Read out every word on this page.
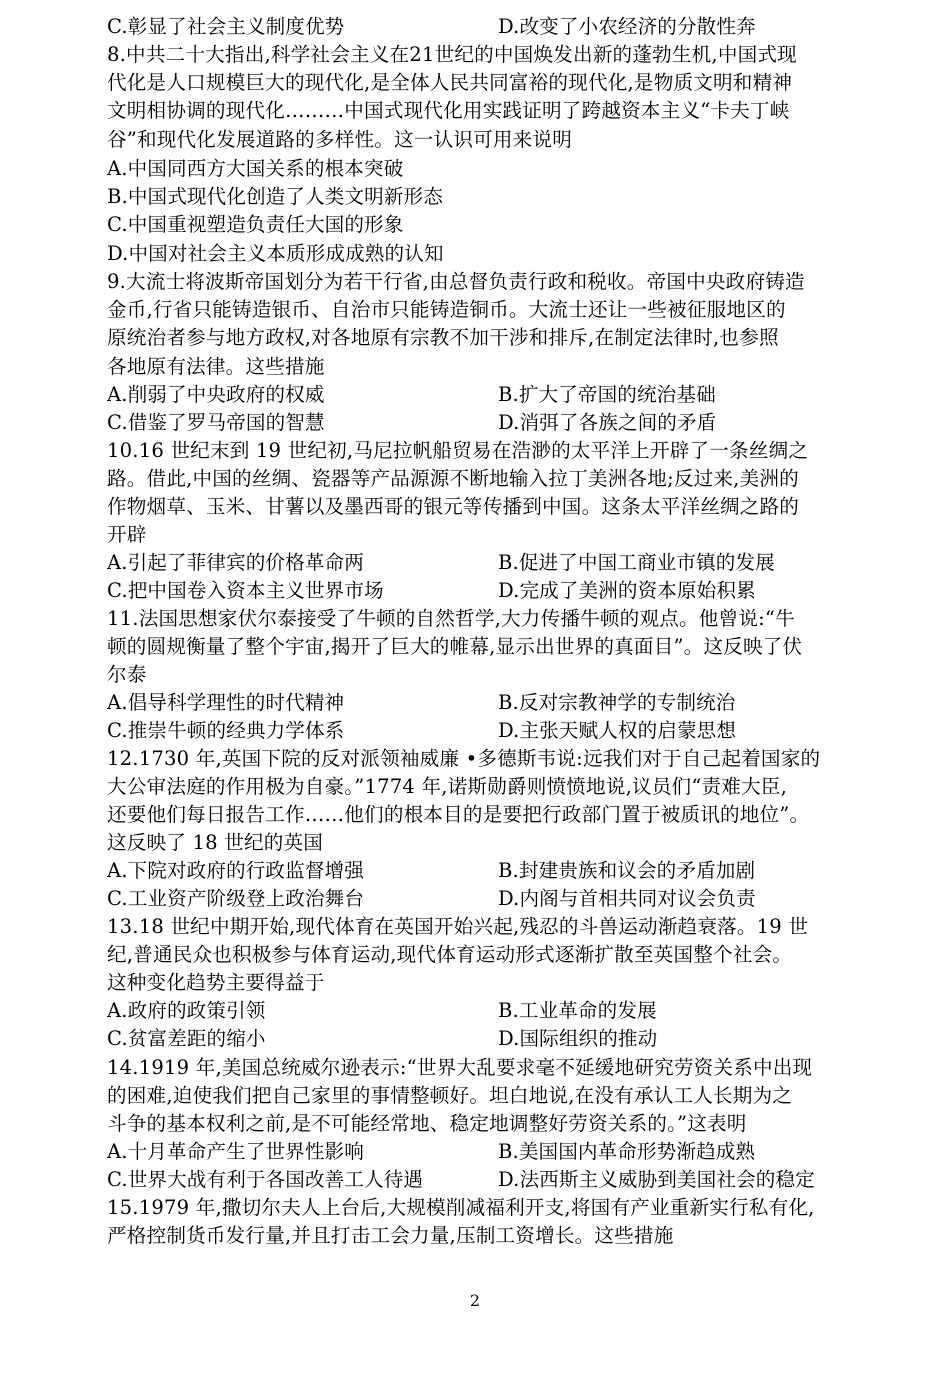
C.彰显了社会主义制度优势	D.改变了小农经济的分散性奔
8.中共二十大指出,科学社会主义在21世纪的中国焕发出新的蓬勃生机,中国式现
代化是人口规模巨大的现代化,是全体人民共同富裕的现代化,是物质文明和精神
文明相协调的现代化………中国式现代化用实践证明了跨越资本主义“卡夫丁峡
谷”和现代化发展道路的多样性。这一认识可用来说明
A.中国同西方大国关系的根本突破
B.中国式现代化创造了人类文明新形态
C.中国重视塑造负责任大国的形象
D.中国对社会主义本质形成成熟的认知
9.大流士将波斯帝国划分为若干行省,由总督负责行政和税收。帝国中央政府铸造
金币,行省只能铸造银币、自治市只能铸造铜币。大流士还让一些被征服地区的
原统治者参与地方政权,对各地原有宗教不加干涉和排斥,在制定法律时,也参照
各地原有法律。这些措施
A.削弱了中央政府的权威	B.扩大了帝国的统治基础
C.借鉴了罗马帝国的智慧	D.消弭了各族之间的矛盾
10.16 世纪末到 19 世纪初,马尼拉帆船贸易在浩渺的太平洋上开辟了一条丝绸之
路。借此,中国的丝绸、瓷器等产品源源不断地输入拉丁美洲各地;反过来,美洲的
作物烟草、玉米、甘薯以及墨西哥的银元等传播到中国。这条太平洋丝绸之路的
开辟
A.引起了菲律宾的价格革命两	B.促进了中国工商业市镇的发展
C.把中国卷入资本主义世界市场	D.完成了美洲的资本原始积累
11.法国思想家伏尔泰接受了牛顿的自然哲学,大力传播牛顿的观点。他曾说:“牛
顿的圆规衡量了整个宇宙,揭开了巨大的帷幕,显示出世界的真面目”。这反映了伏
尔泰
A.倡导科学理性的时代精神	B.反对宗教神学的专制统治
C.推崇牛顿的经典力学体系	D.主张天赋人权的启蒙思想
12.1730 年,英国下院的反对派领袖威廉 •多德斯韦说:远我们对于自己起着国家的
大公审法庭的作用极为自豪。”1774 年,诺斯勋爵则愤愤地说,议员们“责难大臣,
还要他们每日报告工作……他们的根本目的是要把行政部门置于被质讯的地位”。
这反映了 18 世纪的英国
A.下院对政府的行政监督增强	B.封建贵族和议会的矛盾加剧
C.工业资产阶级登上政治舞台	D.内阁与首相共同对议会负责
13.18 世纪中期开始,现代体育在英国开始兴起,残忍的斗兽运动渐趋衰落。19 世
纪,普通民众也积极参与体育运动,现代体育运动形式逐渐扩散至英国整个社会。
这种变化趋势主要得益于
A.政府的政策引领	B.工业革命的发展
C.贫富差距的缩小	D.国际组织的推动
14.1919 年,美国总统威尔逊表示:“世界大乱要求毫不延缓地研究劳资关系中出现
的困难,迫使我们把自己家里的事情整顿好。坦白地说,在没有承认工人长期为之
斗争的基本权利之前,是不可能经常地、稳定地调整好劳资关系的。”这表明
A.十月革命产生了世界性影响	B.美国国内革命形势渐趋成熟
C.世界大战有利于各国改善工人待遇	D.法西斯主义威胁到美国社会的稳定
15.1979 年,撒切尔夫人上台后,大规模削减福利开支,将国有产业重新实行私有化,
严格控制货币发行量,并且打击工会力量,压制工资增长。这些措施
2
